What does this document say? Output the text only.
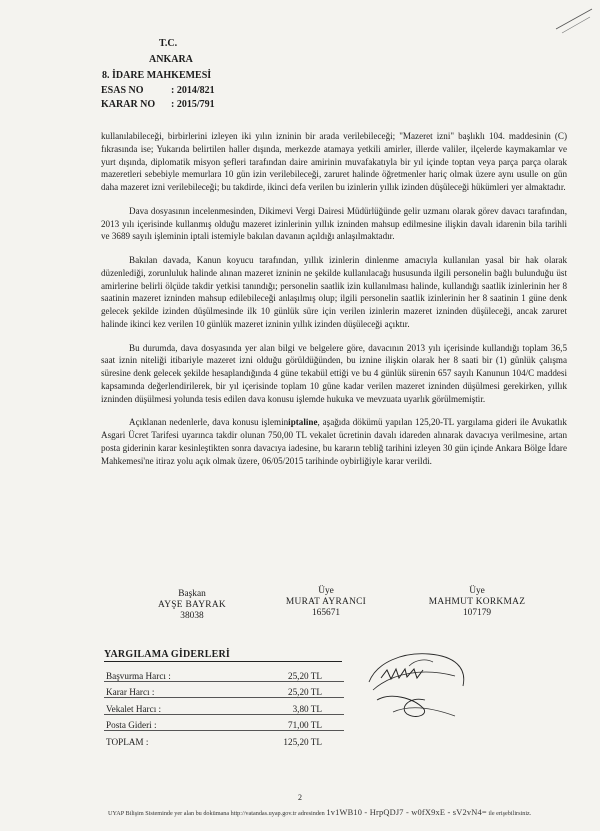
T.C.
ANKARA
8. İDARE MAHKEMESİ
ESAS NO	: 2014/821
KARAR NO : 2015/791

kullanılabileceği, birbirlerini izleyen iki yılın izninin bir arada verilebileceği; "Mazeret izni" başlıklı 104. maddesinin (C) fıkrasında ise; Yukarıda belirtilen haller dışında, merkezde atamaya yetkili amirler, illerde valiler, ilçelerde kaymakamlar ve yurt dışında, diplomatik misyon şefleri tarafından daire amirinin muvafakatıyla bir yıl içinde toptan veya parça parça olarak mazeretleri sebebiyle memurlara 10 gün izin verilebileceği, zaruret halinde öğretmenler hariç olmak üzere aynı usulle on gün daha mazeret izni verilebileceği; bu takdirde, ikinci defa verilen bu izinlerin yıllık izinden düşüleceği hükümleri yer almaktadır.

Dava dosyasının incelenmesinden, Dikimevi Vergi Dairesi Müdürlüğünde gelir uzmanı olarak görev davacı tarafından, 2013 yılı içerisinde kullanmış olduğu mazeret izinlerinin yıllık izninden mahsup edilmesine ilişkin davalı idarenin bila tarihli ve 3689 sayılı işleminin iptali istemiyle bakılan davanın açıldığı anlaşılmaktadır.

Bakılan davada, Kanun koyucu tarafından, yıllık izinlerin dinlenme amacıyla kullanılan yasal bir hak olarak düzenlediği, zorunluluk halinde alınan mazeret izninin ne şekilde kullanılacağı hususunda ilgili personelin bağlı bulunduğu üst amirlerine belirli ölçüde takdir yetkisi tanındığı; personelin saatlik izin kullanılması halinde, kullandığı saatlik izinlerinin her 8 saatinin mazeret izninden mahsup edilebileceği anlaşılmış olup; ilgili personelin saatlik izinlerinin her 8 saatinin 1 günе denk gelecek şekilde izinden düşülmesinde ilk 10 günlük süre için verilen izinlerin mazeret izninden düşüleceği, ancak zaruret halinde ikinci kez verilen 10 günlük mazeret izninin yıllık izinden düşüleceği açıktır.

Bu durumda, dava dosyasında yer alan bilgi ve belgelere göre, davacının 2013 yılı içerisinde kullandığı toplam 36,5 saat iznin niteliği itibariyle mazeret izni olduğu görüldüğünden, bu iznine ilişkin olarak her 8 saati bir (1) günlük çalışma süresine denk gelecek şekilde hesaplandığında 4 güne tekabül ettiği ve bu 4 günlük sürenin 657 sayılı Kanunun 104/C maddesi kapsamında değerlendirilerek, bir yıl içerisinde toplam 10 güne kadar verilen mazeret izninden düşülmesi gerekirken, yıllık izninden düşülmesi yolunda tesis edilen dava konusu işlemde hukuka ve mevzuata uyarlık görülmemiştir.

Açıklanan nedenlerle, dava konusu işleminiptaline, aşağıda dökümü yapılan 125,20-TL yargılama gideri ile Avukatlık Asgari Ücret Tarifesi uyarınca takdir olunan 750,00 TL vekalet ücretinin davalı idareden alınarak davacıya verilmesine, artan posta giderinin karar kesinleştikten sonra davacıya iadesine, bu kararın tebliğ tarihini izleyen 30 gün içinde Ankara Bölge İdare Mahkemesi'ne itiraz yolu açık olmak üzere, 06/05/2015 tarihinde oybirliğiyle karar verildi.

Başkan
AYŞE BAYRAK
38038
Üye
MURAT AYRANCI
165671
Üye
MAHMUT KORKMAZ
107179
YARGILAMA GİDERLERİ
Başvurma Harcı :	25,20 TL
Karar Harcı :	25,20 TL
Vekalet Harcı :	3,80 TL
Posta Gideri :	71,00 TL
TOPLAM :	125,20 TL
2
UYAP Bilişim Sisteminde yer alan bu dokümana http://vatandas.uyap.gov.tr adresinden 1v1WB10 - HrpQDJ7 - w0fX9xE - sV2vN4= ile erişebilirsiniz.
